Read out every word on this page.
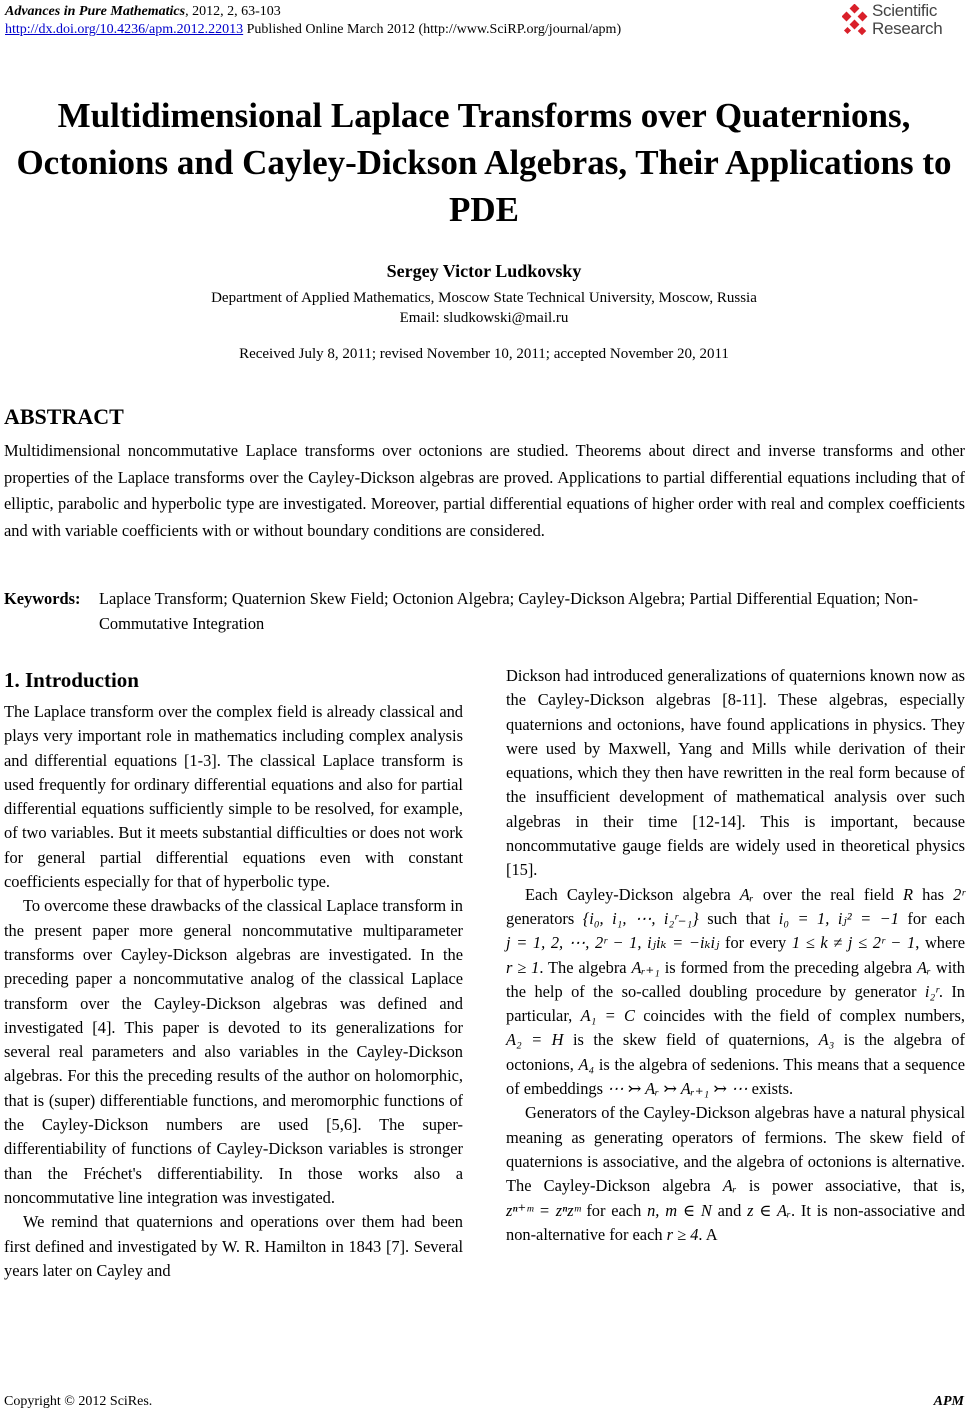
Advances in Pure Mathematics, 2012, 2, 63-103
http://dx.doi.org/10.4236/apm.2012.22013 Published Online March 2012 (http://www.SciRP.org/journal/apm)
Scientific Research
Multidimensional Laplace Transforms over Quaternions, Octonions and Cayley-Dickson Algebras, Their Applications to PDE
Sergey Victor Ludkovsky
Department of Applied Mathematics, Moscow State Technical University, Moscow, Russia
Email: sludkowski@mail.ru
Received July 8, 2011; revised November 10, 2011; accepted November 20, 2011
ABSTRACT
Multidimensional noncommutative Laplace transforms over octonions are studied. Theorems about direct and inverse transforms and other properties of the Laplace transforms over the Cayley-Dickson algebras are proved. Applications to partial differential equations including that of elliptic, parabolic and hyperbolic type are investigated. Moreover, partial differential equations of higher order with real and complex coefficients and with variable coefficients with or without boundary conditions are considered.
Keywords:	Laplace Transform; Quaternion Skew Field; Octonion Algebra; Cayley-Dickson Algebra; Partial Differential Equation; Non-Commutative Integration
1. Introduction

The Laplace transform over the complex field is already classical and plays very important role in mathematics including complex analysis and differential equations [1-3]. The classical Laplace transform is used frequently for ordinary differential equations and also for partial differential equations sufficiently simple to be resolved, for example, of two variables. But it meets substantial difficulties or does not work for general partial differential equations even with constant coefficients especially for that of hyperbolic type.

To overcome these drawbacks of the classical Laplace transform in the present paper more general noncommutative multiparameter transforms over Cayley-Dickson algebras are investigated. In the preceding paper a noncommutative analog of the classical Laplace transform over the Cayley-Dickson algebras was defined and investigated [4]. This paper is devoted to its generalizations for several real parameters and also variables in the Cayley-Dickson algebras. For this the preceding results of the author on holomorphic, that is (super) differentiable functions, and meromorphic functions of the Cayley-Dickson numbers are used [5,6]. The super-differentiability of functions of Cayley-Dickson variables is stronger than the Fréchet's differentiability. In those works also a noncommutative line integration was investigated.

We remind that quaternions and operations over them had been first defined and investigated by W. R. Hamilton in 1843 [7]. Several years later on Cayley and

Dickson had introduced generalizations of quaternions known now as the Cayley-Dickson algebras [8-11]. These algebras, especially quaternions and octonions, have found applications in physics. They were used by Maxwell, Yang and Mills while derivation of their equations, which they then have rewritten in the real form because of the insufficient development of mathematical analysis over such algebras in their time [12-14]. This is important, because noncommutative gauge fields are widely used in theoretical physics [15].

Each Cayley-Dickson algebra Aᵣ over the real field R has 2ʳ generators {i₀, i₁, ⋯, i₂ʳ₋₁} such that i₀ = 1, iⱼ² = −1 for each j = 1, 2, ⋯, 2ʳ − 1, iⱼiₖ = −iₖiⱼ for every 1 ≤ k ≠ j ≤ 2ʳ − 1, where r ≥ 1. The algebra Aᵣ₊₁ is formed from the preceding algebra Aᵣ with the help of the so-called doubling procedure by generator i₂ʳ. In particular, A₁ = C coincides with the field of complex numbers, A₂ = H is the skew field of quaternions, A₃ is the algebra of octonions, A₄ is the algebra of sedenions. This means that a sequence of embeddings ⋯ ↣ Aᵣ ↣ Aᵣ₊₁ ↣ ⋯ exists.

Generators of the Cayley-Dickson algebras have a natural physical meaning as generating operators of fermions. The skew field of quaternions is associative, and the algebra of octonions is alternative. The Cayley-Dickson algebra Aᵣ is power associative, that is, zⁿ⁺ᵐ = zⁿzᵐ for each n, m ∈ N and z ∈ Aᵣ. It is non-associative and non-alternative for each r ≥ 4. A

Copyright © 2012 SciRes.	APM
